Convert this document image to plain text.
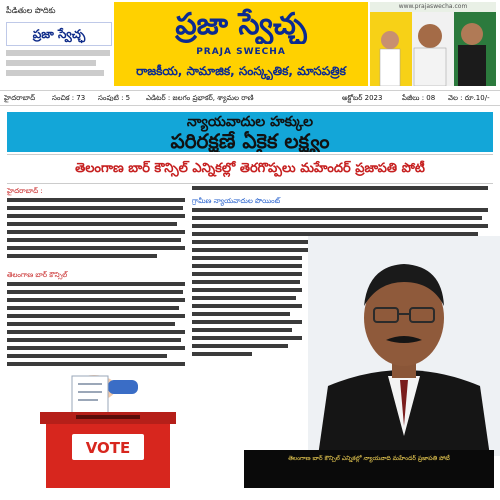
పీడితుల పొదికు
ప్రజా స్వేచ్ఛ	ప్రజా స్వేచ్ఛ
PRAJA SWECHA
రాజకీయ, సామాజిక, సంస్కృతిక, మాసపత్రిక
www.prajaswecha.com
హైదరాబాద్	సంచిక : 73	సంపుటి : 5	ఎడిటర్ : జలగం ప్రభాకర్, శ్యామల రాణి	అక్టోబర్ 2023	పేజీలు : 08	వెల : రూ.10/-
న్యాయవాదుల హక్కుల
పరిరక్షణే ఏకైక లక్ష్యం
తెలంగాణ బార్ కౌన్సిల్ ఎన్నికల్లో తెరగొప్పలు మహేందర్ ప్రజాపతి పోటీ
హైదరాబాద్ :
గ్రామీణ న్యాయవాదుల పొయింట్
తెలంగాణ బార్ కౌన్సిల్
VOTE
తెలంగాణ బార్ కౌన్సిల్ ఎన్నికల్లో న్యాయవాది మహేందర్ ప్రజాపతి పోటీ
